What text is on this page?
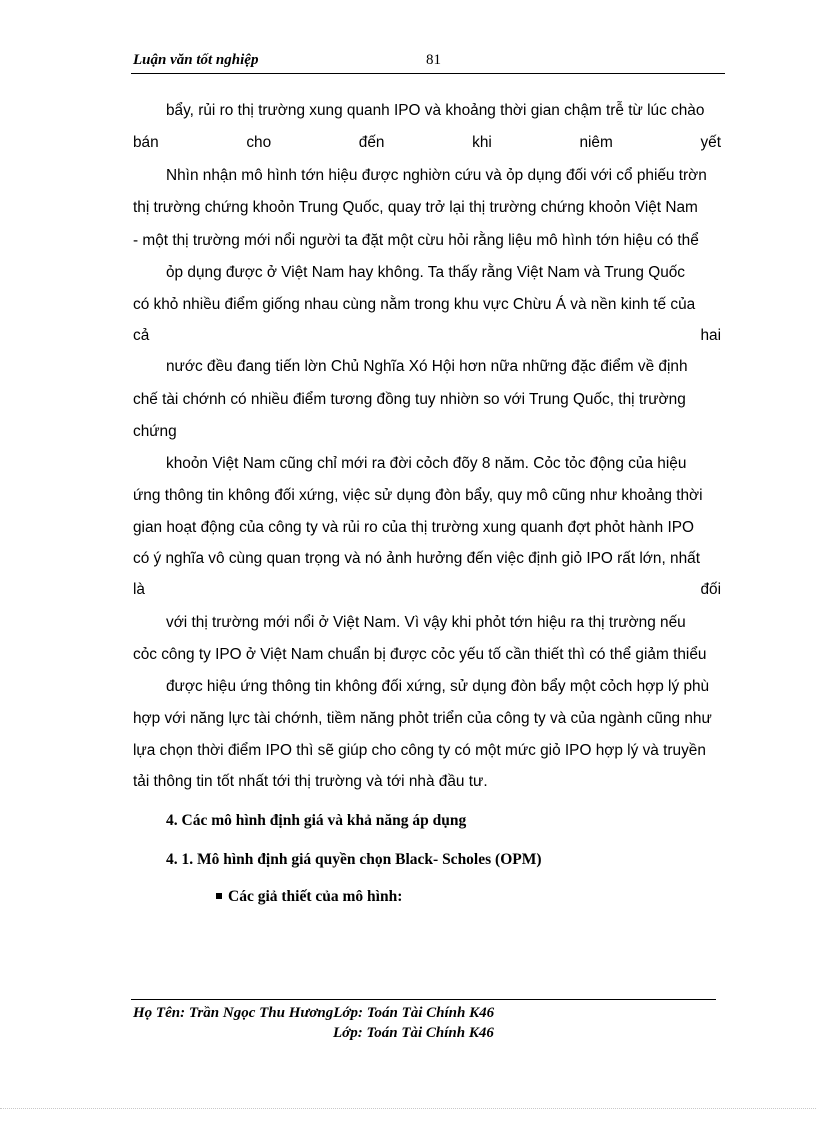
Luận văn tốt nghiệp	81
bẩy, rủi ro thị trường xung quanh IPO và khoảng thời gian chậm trễ từ lúc chào
bán	cho	đến	khi	niêm	yết
Nhìn nhận mô hình tớn hiệu được nghiờn cứu và ỏp dụng đối với cổ phiếu trờn
thị trường chứng khoỏn Trung Quốc, quay trở lại thị trường chứng khoỏn Việt Nam
- một thị trường mới nổi người ta đặt một cừu hỏi rằng liệu mô hình tớn hiệu có thể
ỏp dụng được ở Việt Nam hay không. Ta thấy rằng Việt Nam và Trung Quốc
có khỏ nhiều điểm giống nhau cùng nằm trong khu vực Chừu Á và nền kinh tế của
cả	hai
nước đều đang tiến lờn Chủ Nghĩa Xó Hội hơn nữa những đặc điểm về định
chế tài chớnh có nhiều điểm tương đồng tuy nhiờn so với Trung Quốc, thị trường
chứng
khoỏn Việt Nam cũng chỉ mới ra đời cỏch đõy 8 năm. Cỏc tỏc động của hiệu
ứng thông tin không đối xứng, việc sử dụng đòn bẩy, quy mô cũng như khoảng thời
gian hoạt động của công ty và rủi ro của thị trường xung quanh đợt phỏt hành IPO
có ý nghĩa vô cùng quan trọng và nó ảnh hưởng đến việc định giỏ IPO rất lớn, nhất
là	đối
với thị trường mới nổi ở Việt Nam. Vì vậy khi phỏt tớn hiệu ra thị trường nếu
cỏc công ty IPO ở Việt Nam chuẩn bị được cỏc yếu tố cần thiết thì có thể giảm thiểu
được hiệu ứng thông tin không đối xứng, sử dụng đòn bẩy một cỏch hợp lý phù
hợp với năng lực tài chớnh, tiềm năng phỏt triển của công ty và của ngành cũng như
lựa chọn thời điểm IPO thì sẽ giúp cho công ty có một mức giỏ IPO hợp lý và truyền
tải thông tin tốt nhất tới thị trường và tới nhà đầu tư.
4. Các mô hình định giá và khả năng áp dụng
4. 1. Mô hình định giá quyền chọn Black- Scholes (OPM)
Các giả thiết của mô hình:
Họ Tên: Trần Ngọc Thu HươngLớp: Toán Tài Chính K46
Lớp: Toán Tài Chính K46
